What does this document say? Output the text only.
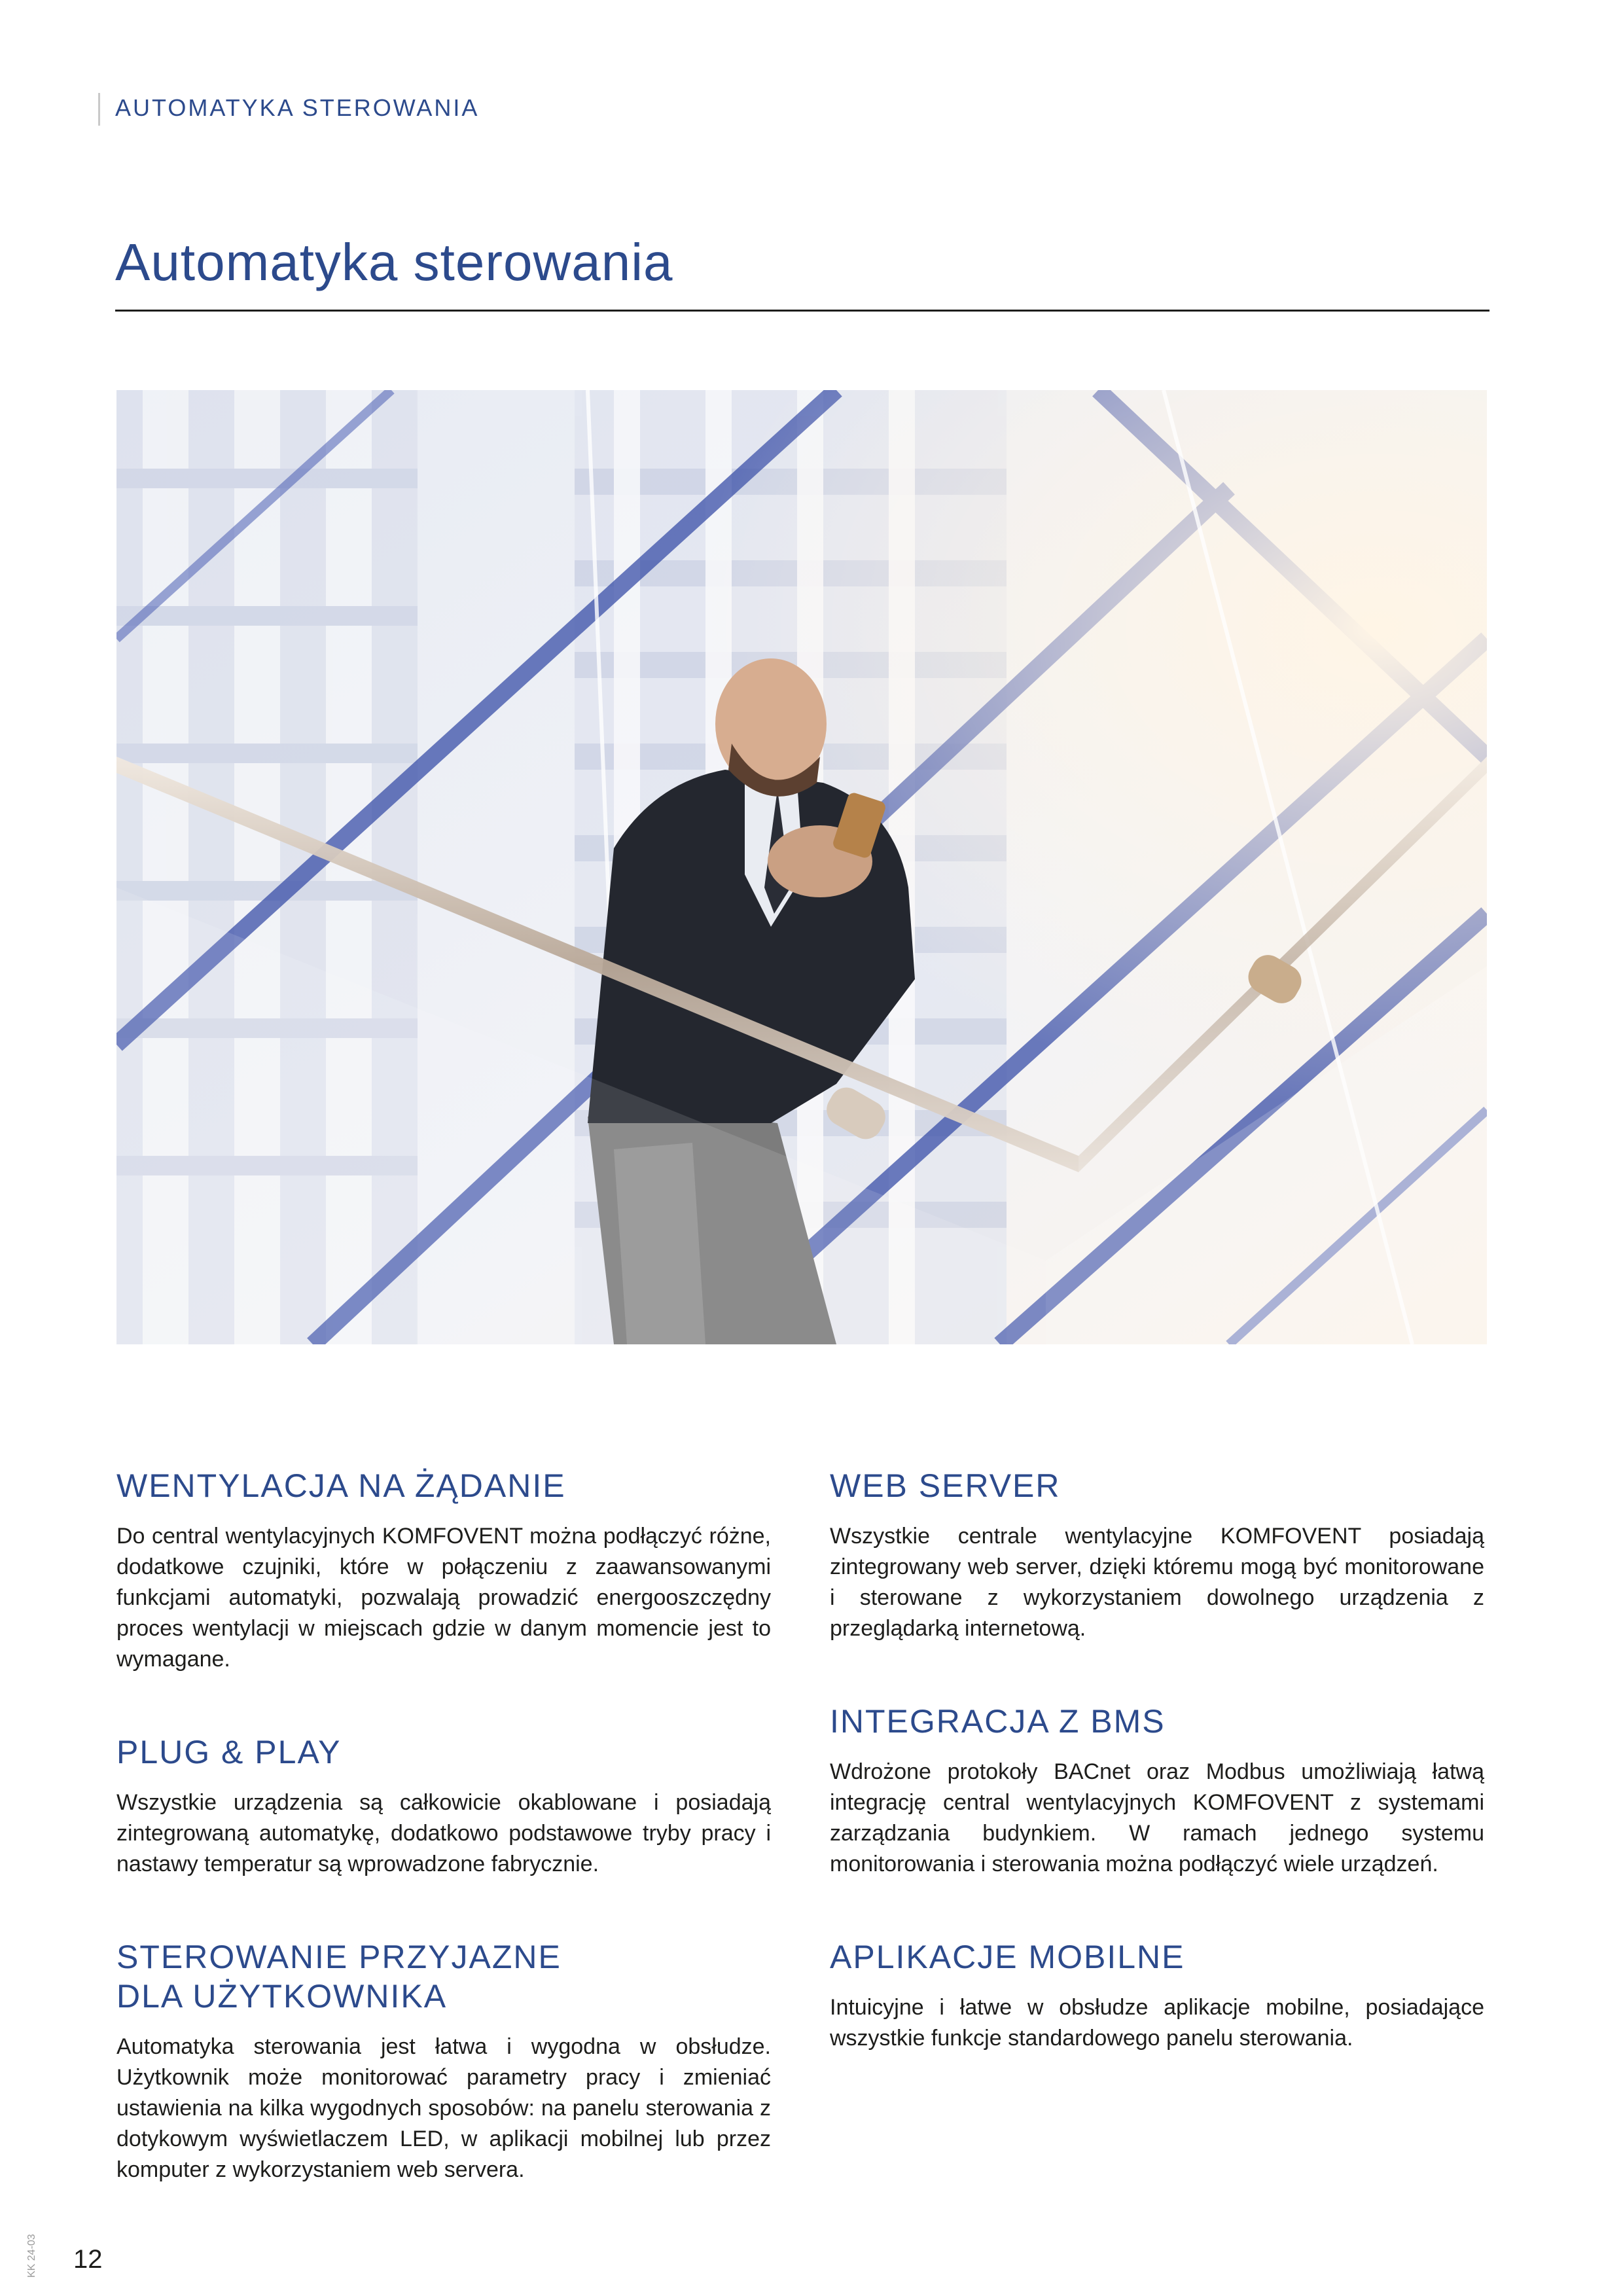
AUTOMATYKA STEROWANIA
Automatyka sterowania
WENTYLACJA NA ŻĄDANIE

Do central wentylacyjnych KOMFOVENT można podłączyć różne, dodatkowe czujniki, które w połączeniu z zaawansowanymi funkcjami automatyki, pozwalają prowadzić energooszczędny proces wentylacji w miejscach gdzie w danym momencie jest to wymagane.

PLUG & PLAY

Wszystkie urządzenia są całkowicie okablowane i posiadają zintegrowaną automatykę, dodatkowo podstawowe tryby pracy i nastawy temperatur są wprowadzone fabrycznie.

STEROWANIE PRZYJAZNE
DLA UŻYTKOWNIKA

Automatyka sterowania jest łatwa i wygodna w obsłudze. Użytkownik może monitorować parametry pracy i zmieniać ustawienia na kilka wygodnych sposobów: na panelu sterowania z dotykowym wyświetlaczem LED, w aplikacji mobilnej lub przez komputer z wykorzystaniem web servera.

WEB SERVER

Wszystkie centrale wentylacyjne KOMFOVENT posiadają zintegrowany web server, dzięki któremu mogą być monitorowane i sterowane z wykorzystaniem dowolnego urządzenia z przeglądarką internetową.

INTEGRACJA Z BMS

Wdrożone protokoły BACnet oraz Modbus umożliwiają łatwą integrację central wentylacyjnych KOMFOVENT z systemami zarządzania budynkiem. W ramach jednego systemu monitorowania i sterowania można podłączyć wiele urządzeń.

APLIKACJE MOBILNE

Intuicyjne i łatwe w obsłudze aplikacje mobilne, posiadające wszystkie funkcje standardowego panelu sterowania.

KK 24-03 12
